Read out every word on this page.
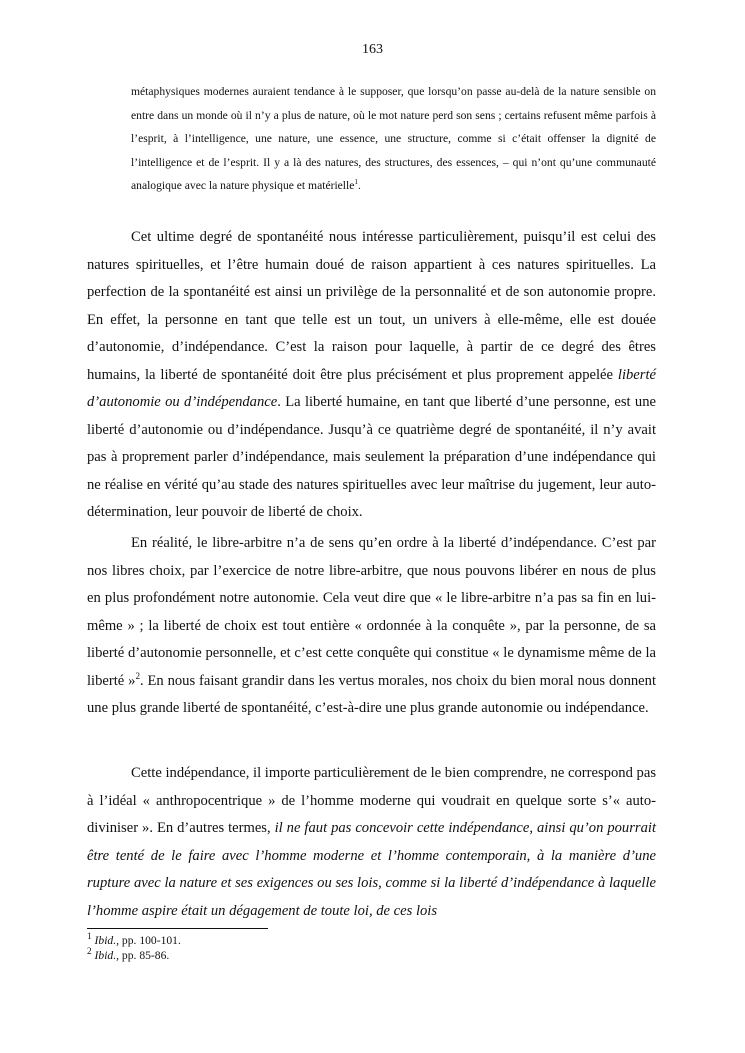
163

métaphysiques modernes auraient tendance à le supposer, que lorsqu’on passe au-delà de la nature sensible on entre dans un monde où il n’y a plus de nature, où le mot nature perd son sens ; certains refusent même parfois à l’esprit, à l’intelligence, une nature, une essence, une structure, comme si c’était offenser la dignité de l’intelligence et de l’esprit. Il y a là des natures, des structures, des essences, – qui n’ont qu’une communauté analogique avec la nature physique et matérielle$^1$.

Cet ultime degré de spontanéité nous intéresse particulièrement, puisqu’il est celui des natures spirituelles, et l’être humain doué de raison appartient à ces natures spirituelles. La perfection de la spontanéité est ainsi un privilège de la personnalité et de son autonomie propre. En effet, la personne en tant que telle est un tout, un univers à elle-même, elle est douée d’autonomie, d’indépendance. C’est la raison pour laquelle, à partir de ce degré des êtres humains, la liberté de spontanéité doit être plus précisément et plus proprement appelée liberté d’autonomie ou d’indépendance. La liberté humaine, en tant que liberté d’une personne, est une liberté d’autonomie ou d’indépendance. Jusqu’à ce quatrième degré de spontanéité, il n’y avait pas à proprement parler d’indépendance, mais seulement la préparation d’une indépendance qui ne réalise en vérité qu’au stade des natures spirituelles avec leur maîtrise du jugement, leur auto-détermination, leur pouvoir de liberté de choix.

En réalité, le libre-arbitre n’a de sens qu’en ordre à la liberté d’indépendance. C’est par nos libres choix, par l’exercice de notre libre-arbitre, que nous pouvons libérer en nous de plus en plus profondément notre autonomie. Cela veut dire que « le libre-arbitre n’a pas sa fin en lui-même » ; la liberté de choix est tout entière « ordonnée à la conquête », par la personne, de sa liberté d’autonomie personnelle, et c’est cette conquête qui constitue « le dynamisme même de la liberté »$^2$. En nous faisant grandir dans les vertus morales, nos choix du bien moral nous donnent une plus grande liberté de spontanéité, c’est-à-dire une plus grande autonomie ou indépendance.

Cette indépendance, il importe particulièrement de le bien comprendre, ne correspond pas à l’idéal « anthropocentrique » de l’homme moderne qui voudrait en quelque sorte s’« auto-diviniser ». En d’autres termes, il ne faut pas concevoir cette indépendance, ainsi qu’on pourrait être tenté de le faire avec l’homme moderne et l’homme contemporain, à la manière d’une rupture avec la nature et ses exigences ou ses lois, comme si la liberté d’indépendance à laquelle l’homme aspire était un dégagement de toute loi, de ces lois

$^1$ Ibid., pp. 100-101.
$^2$ Ibid., pp. 85-86.
